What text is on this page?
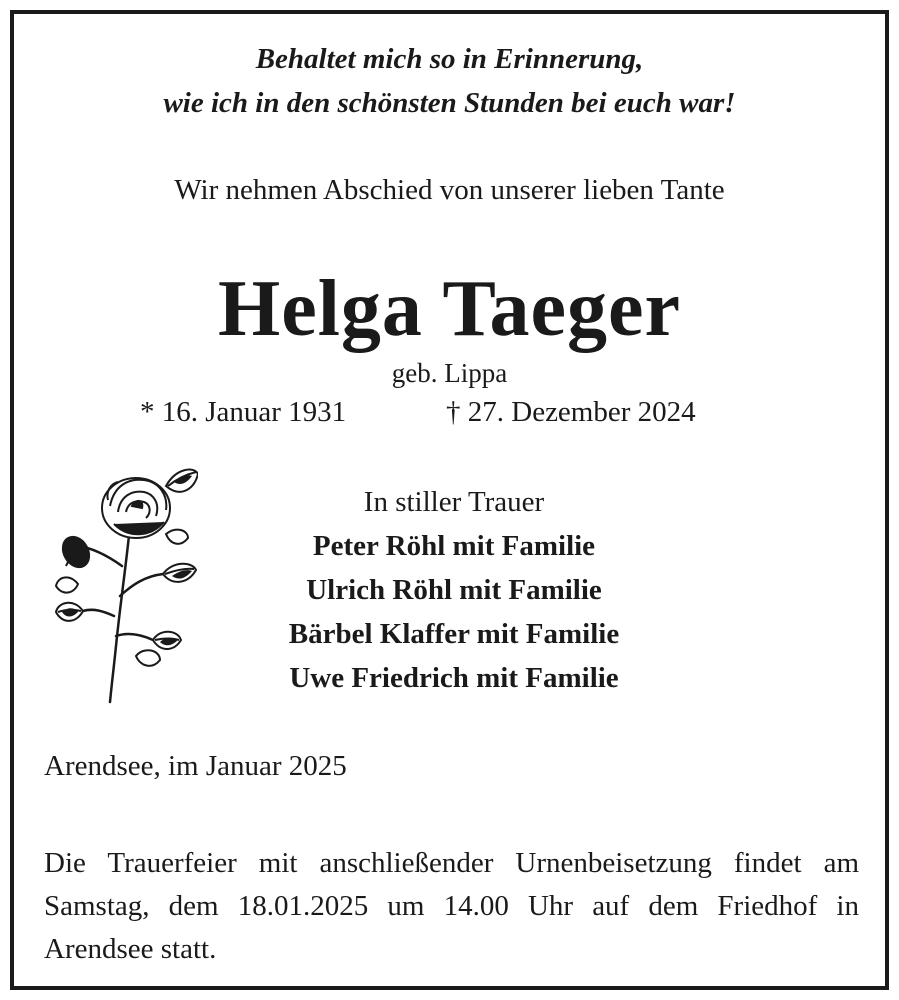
Behaltet mich so in Erinnerung,
wie ich in den schönsten Stunden bei euch war!
Wir nehmen Abschied von unserer lieben Tante
Helga Taeger
geb. Lippa
* 16. Januar 1931	† 27. Dezember 2024
In stiller Trauer
Peter Röhl mit Familie
Ulrich Röhl mit Familie
Bärbel Klaffer mit Familie
Uwe Friedrich mit Familie
Arendsee, im Januar 2025
Die Trauerfeier mit anschließender Urnenbeisetzung findet am Samstag, dem 18.01.2025 um 14.00 Uhr auf dem Friedhof in Arendsee statt.
